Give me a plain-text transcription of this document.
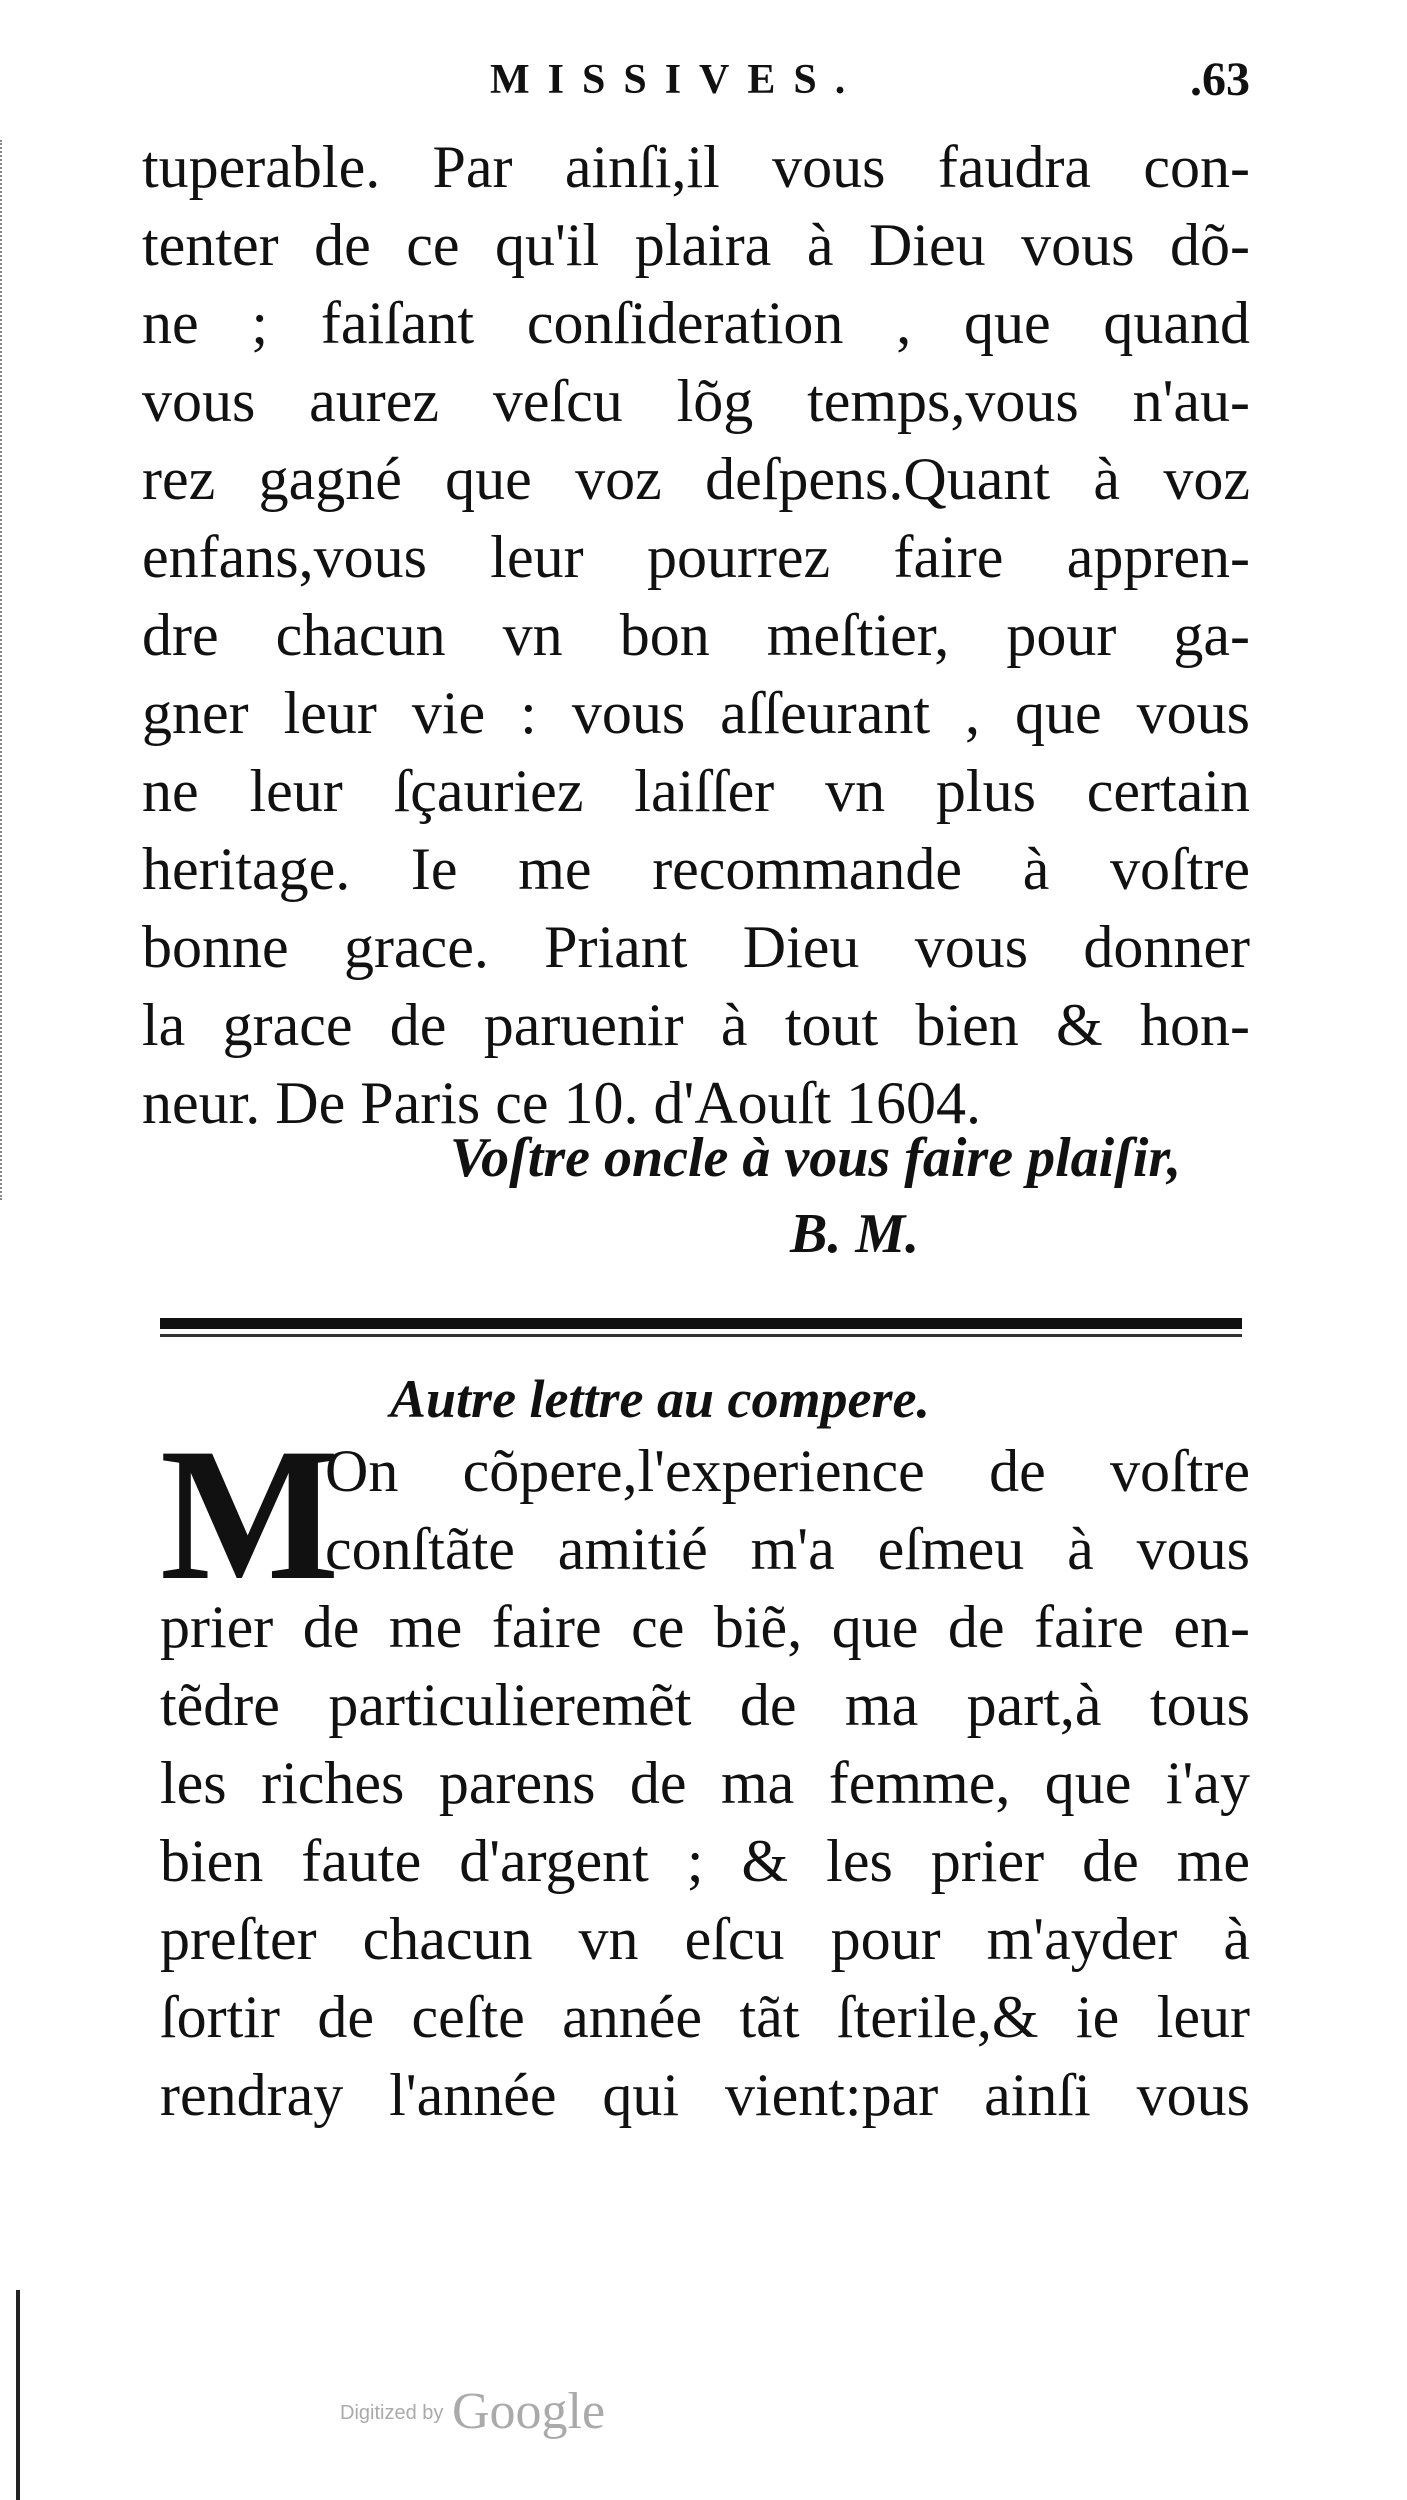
MISSIVES.	.63
tuperable. Par ainſi,il vous faudra con-
tenter de ce qu'il plaira à Dieu vous dõ-
ne ; faiſant conſideration , que quand
vous aurez veſcu lõg temps,vous n'au-
rez gagné que voz deſpens.Quant à voz
enfans,vous leur pourrez faire appren-
dre chacun vn bon meſtier, pour ga-
gner leur vie : vous aſſeurant , que vous
ne leur ſçauriez laiſſer vn plus certain
heritage. Ie me recommande à voſtre
bonne grace. Priant Dieu vous donner
la grace de paruenir à tout bien & hon-
neur. De Paris ce 10. d'Aouſt 1604.
Voſtre oncle à vous faire plaiſir,
B. M.
Autre lettre au compere.
M
On cõpere,l'experience de voſtre
conſtãte amitié m'a eſmeu à vous
prier de me faire ce biẽ, que de faire en-
tẽdre particulieremẽt de ma part,à tous
les riches parens de ma femme, que i'ay
bien faute d'argent ; & les prier de me
preſter chacun vn eſcu pour m'ayder à
ſortir de ceſte année tãt ſterile,& ie leur
rendray l'année qui vient:par ainſi vous
Digitized by Google
